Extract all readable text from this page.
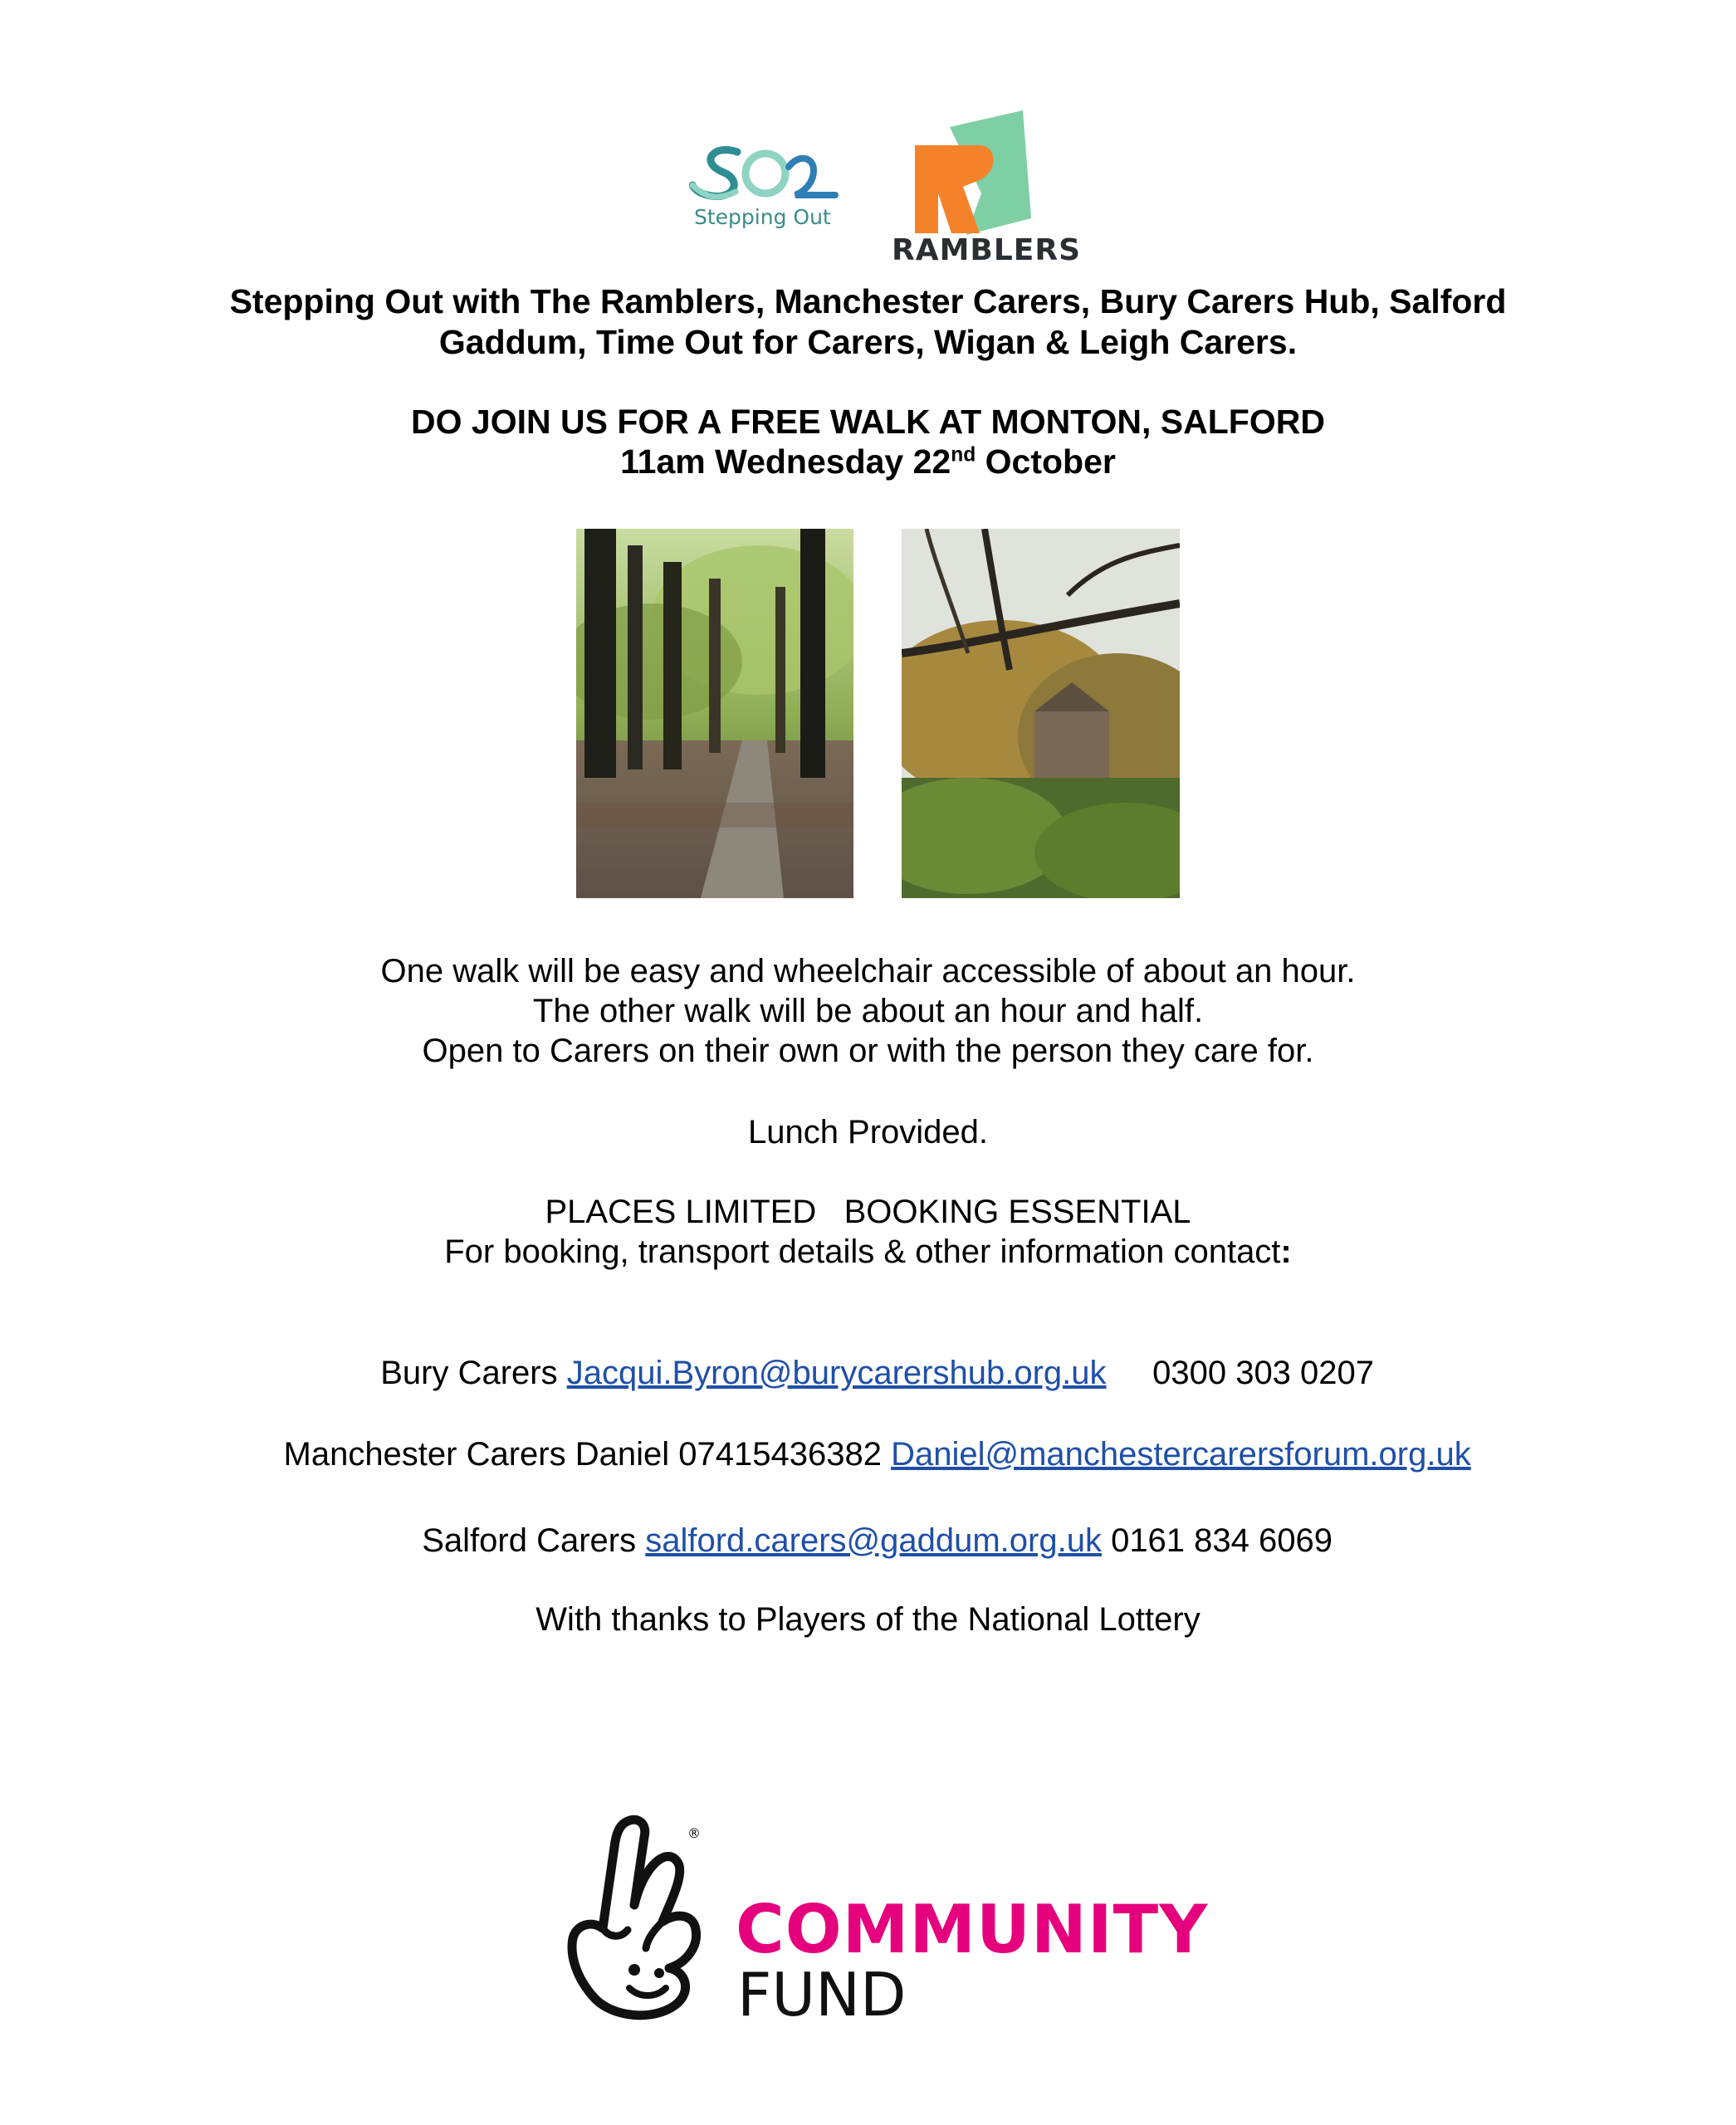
Stepping Out
RAMBLERS
Stepping Out with The Ramblers, Manchester Carers, Bury Carers Hub, Salford
Gaddum, Time Out for Carers, Wigan & Leigh Carers.
DO JOIN US FOR A FREE WALK AT MONTON, SALFORD
11am Wednesday 22nd October
One walk will be easy and wheelchair accessible of about an hour.
The other walk will be about an hour and half.
Open to Carers on their own or with the person they care for.
Lunch Provided.
PLACES LIMITED   BOOKING ESSENTIAL
For booking, transport details & other information contact:

Bury Carers Jacqui.Byron@burycarershub.org.uk 0300 303 0207

Manchester Carers Daniel 07415436382 Daniel@manchestercarersforum.org.uk

Salford Carers salford.carers@gaddum.org.uk 0161 834 6069

With thanks to Players of the National Lottery
®
COMMUNITY
FUND
